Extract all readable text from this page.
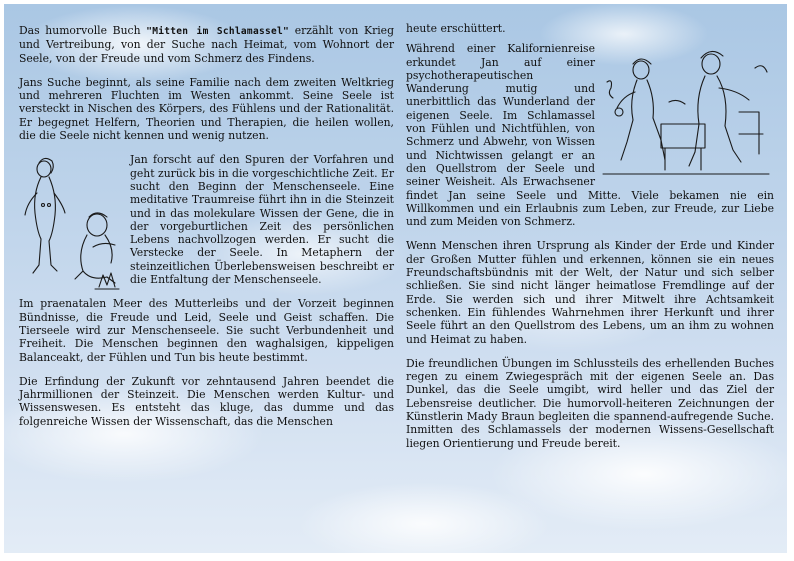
Das humorvolle Buch "Mitten im Schlamassel" erzählt von Krieg und Vertreibung, von der Suche nach Heimat, vom Wohnort der Seele, von der Freude und vom Schmerz des Findens.

Jans Suche beginnt, als seine Familie nach dem zweiten Weltkrieg und mehreren Fluchten im Westen ankommt. Seine Seele ist versteckt in Nischen des Körpers, des Fühlens und der Rationalität. Er begegnet Helfern, Theorien und Therapien, die heilen wollen, die die Seele nicht kennen und wenig nutzen.

Jan forscht auf den Spuren der Vorfahren und geht zurück bis in die vorgeschichtliche Zeit. Er sucht den Beginn der Menschenseele. Eine meditative Traumreise führt ihn in die Steinzeit und in das molekulare Wissen der Gene, die in der vorgeburtlichen Zeit des persönlichen Lebens nachvollzogen werden. Er sucht die Verstecke der Seele. In Metaphern der steinzeitlichen Überlebensweisen beschreibt er die Entfaltung der Menschenseele.

Im praenatalen Meer des Mutterleibs und der Vorzeit beginnen Bündnisse, die Freude und Leid, Seele und Geist schaffen. Die Tierseele wird zur Menschenseele. Sie sucht Verbundenheit und Freiheit. Die Menschen beginnen den waghalsigen, kippeligen Balanceakt, der Fühlen und Tun bis heute bestimmt.

Die Erfindung der Zukunft vor zehntausend Jahren beendet die Jahrmillionen der Steinzeit. Die Menschen werden Kultur- und Wissenswesen. Es entsteht das kluge, das dumme und das folgenreiche Wissen der Wissenschaft, das die Menschen

heute erschüttert.

Während einer Kalifornienreise erkundet Jan auf einer psychotherapeutischen Wanderung mutig und unerbittlich das Wunderland der eigenen Seele. Im Schlamassel von Fühlen und Nichtfühlen, von Schmerz und Abwehr, von Wissen und Nichtwissen gelangt er an den Quellstrom der Seele und seiner Weisheit. Als Erwachsener findet Jan seine Seele und Mitte. Viele bekamen nie ein Willkommen und ein Erlaubnis zum Leben, zur Freude, zur Liebe und zum Meiden von Schmerz.

Wenn Menschen ihren Ursprung als Kinder der Erde und Kinder der Großen Mutter fühlen und erkennen, können sie ein neues Freundschaftsbündnis mit der Welt, der Natur und sich selber schließen. Sie sind nicht länger heimatlose Fremdlinge auf der Erde. Sie werden sich und ihrer Mitwelt ihre Achtsamkeit schenken. Ein fühlendes Wahrnehmen ihrer Herkunft und ihrer Seele führt an den Quellstrom des Lebens, um an ihm zu wohnen und Heimat zu haben.

Die freundlichen Übungen im Schlussteils des erhellenden Buches regen zu einem Zwiegespräch mit der eigenen Seele an. Das Dunkel, das die Seele umgibt, wird heller und das Ziel der Lebensreise deutlicher. Die humorvoll-heiteren Zeichnungen der Künstlerin Mady Braun begleiten die spannend-aufregende Suche. Inmitten des Schlamassels der modernen Wissens-Gesellschaft liegen Orientierung und Freude bereit.
